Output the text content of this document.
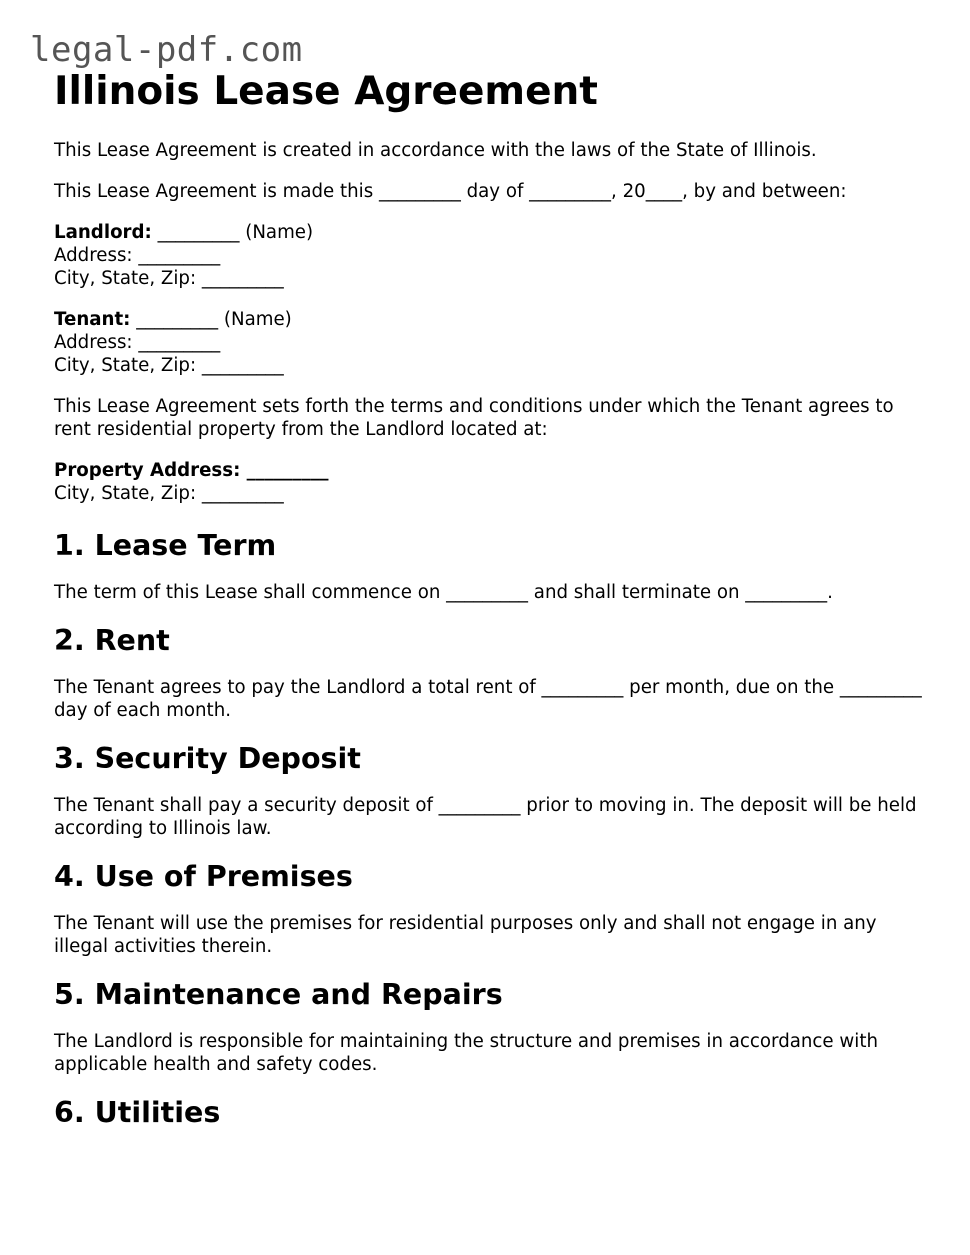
legal-pdf.com
Illinois Lease Agreement

This Lease Agreement is created in accordance with the laws of the State of Illinois.

This Lease Agreement is made this _________ day of _________, 20____, by and between:

Landlord: _________ (Name)

Address: _________

City, State, Zip: _________

Tenant: _________ (Name)

Address: _________

City, State, Zip: _________

This Lease Agreement sets forth the terms and conditions under which the Tenant agrees to rent residential property from the Landlord located at:

Property Address: _________

City, State, Zip: _________

1. Lease Term

The term of this Lease shall commence on _________ and shall terminate on _________.

2. Rent

The Tenant agrees to pay the Landlord a total rent of _________ per month, due on the _________ day of each month.

3. Security Deposit

The Tenant shall pay a security deposit of _________ prior to moving in. The deposit will be held according to Illinois law.

4. Use of Premises

The Tenant will use the premises for residential purposes only and shall not engage in any illegal activities therein.

5. Maintenance and Repairs

The Landlord is responsible for maintaining the structure and premises in accordance with applicable health and safety codes.

6. Utilities
